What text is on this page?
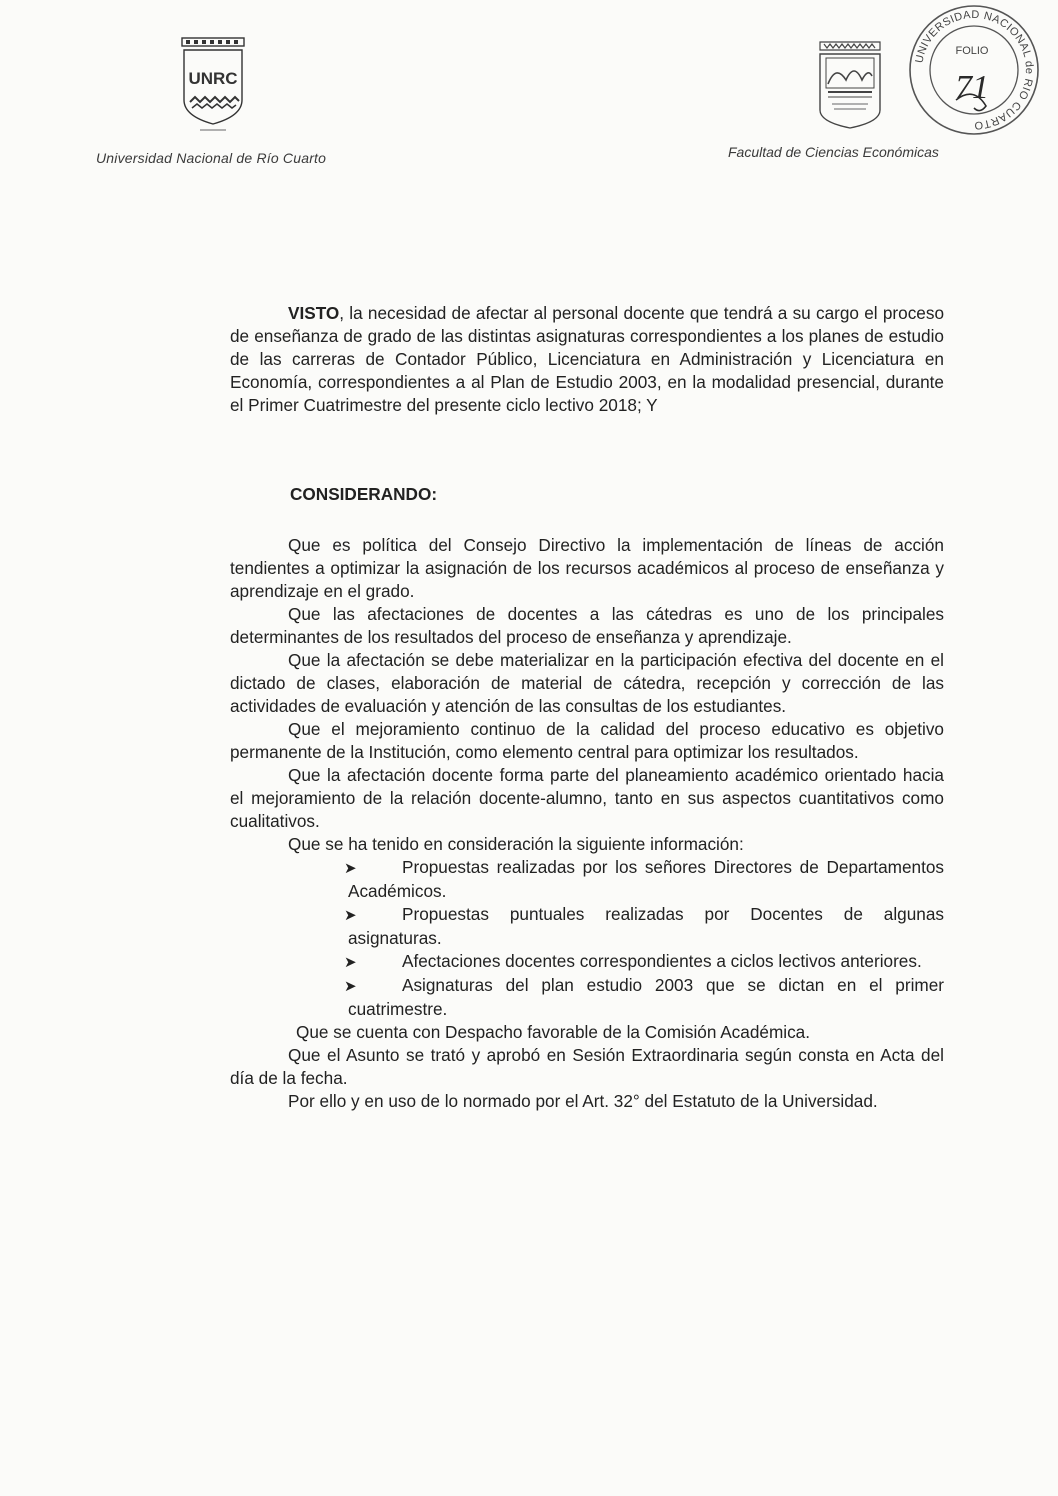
UNRC
Universidad Nacional de Río Cuarto	Facultad de Ciencias Económicas
UNIVERSIDAD NACIONAL de RIO CUARTO
FOLIO
71
VISTO, la necesidad de afectar al personal docente que tendrá a su cargo el proceso de enseñanza de grado de las distintas asignaturas correspondientes a los planes de estudio de las carreras de Contador Público, Licenciatura en Administración y Licenciatura en Economía, correspondientes a al Plan de Estudio 2003, en la modalidad presencial, durante el Primer Cuatrimestre del presente ciclo lectivo 2018; Y
CONSIDERANDO:

Que es política del Consejo Directivo la implementación de líneas de acción tendientes a optimizar la asignación de los recursos académicos al proceso de enseñanza y aprendizaje en el grado.

Que las afectaciones de docentes a las cátedras es uno de los principales determinantes de los resultados del proceso de enseñanza y aprendizaje.

Que la afectación se debe materializar en la participación efectiva del docente en el dictado de clases, elaboración de material de cátedra, recepción y corrección de las actividades de evaluación y atención de las consultas de los estudiantes.

Que el mejoramiento continuo de la calidad del proceso educativo es objetivo permanente de la Institución, como elemento central para optimizar los resultados.

Que la afectación docente forma parte del planeamiento académico orientado hacia el mejoramiento de la relación docente-alumno, tanto en sus aspectos cuantitativos como cualitativos.

Que se ha tenido en consideración la siguiente información:

➤	Propuestas realizadas por los señores Directores de Departamentos Académicos.
➤	Propuestas puntuales realizadas por Docentes de algunas asignaturas.
➤	Afectaciones docentes correspondientes a ciclos lectivos anteriores.
➤	Asignaturas del plan estudio 2003 que se dictan en el primer cuatrimestre.

Que se cuenta con Despacho favorable de la Comisión Académica.

Que el Asunto se trató y aprobó en Sesión Extraordinaria según consta en Acta del día de la fecha.

Por ello y en uso de lo normado por el Art. 32° del Estatuto de la Universidad.
